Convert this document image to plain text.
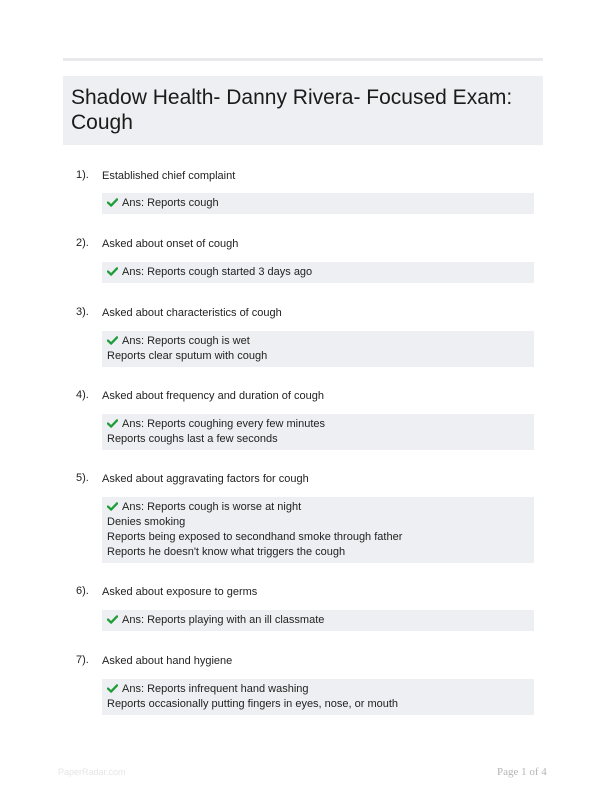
Shadow Health- Danny Rivera- Focused Exam: Cough
1). Established chief complaint
Ans: Reports cough
2). Asked about onset of cough
Ans: Reports cough started 3 days ago
3). Asked about characteristics of cough
Ans: Reports cough is wet
Reports clear sputum with cough
4). Asked about frequency and duration of cough
Ans: Reports coughing every few minutes
Reports coughs last a few seconds
5). Asked about aggravating factors for cough
Ans: Reports cough is worse at night
Denies smoking
Reports being exposed to secondhand smoke through father
Reports he doesn't know what triggers the cough
6). Asked about exposure to germs
Ans: Reports playing with an ill classmate
7). Asked about hand hygiene
Ans: Reports infrequent hand washing
Reports occasionally putting fingers in eyes, nose, or mouth
PaperRadar.com	Page 1 of 4
